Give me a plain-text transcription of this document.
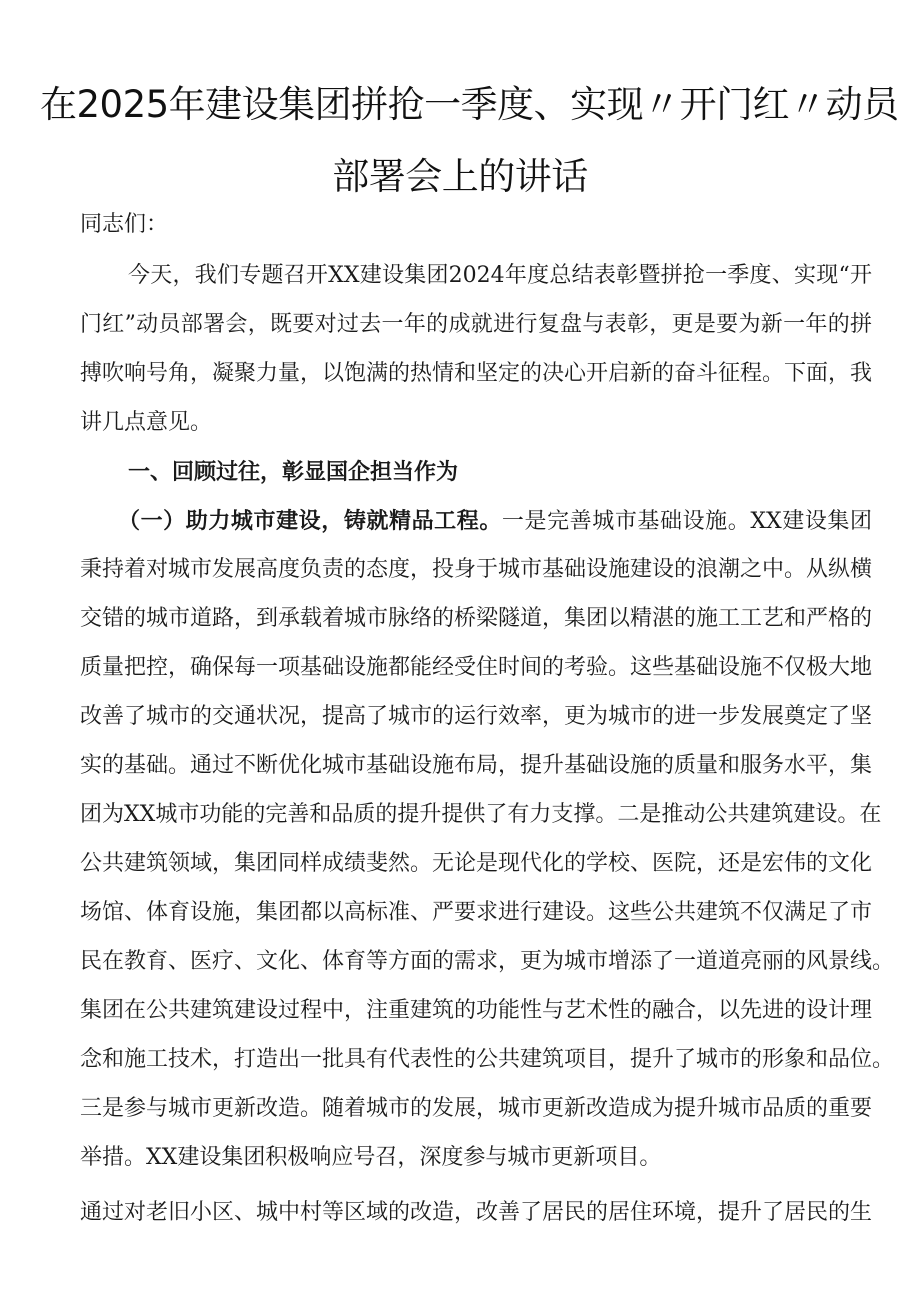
在2025年建设集团拼抢一季度、实现〃开门红〃动员
部署会上的讲话
同志们：
今天，我们专题召开XX建设集团2024年度总结表彰暨拼抢一季度、实现“开
门红”动员部署会，既要对过去一年的成就进行复盘与表彰，更是要为新一年的拼
搏吹响号角，凝聚力量，以饱满的热情和坚定的决心开启新的奋斗征程。下面，我
讲几点意见。
一、回顾过往，彰显国企担当作为
（一）助力城市建设，铸就精品工程。一是完善城市基础设施。XX建设集团
秉持着对城市发展高度负责的态度，投身于城市基础设施建设的浪潮之中。从纵横
交错的城市道路，到承载着城市脉络的桥梁隧道，集团以精湛的施工工艺和严格的
质量把控，确保每一项基础设施都能经受住时间的考验。这些基础设施不仅极大地
改善了城市的交通状况，提高了城市的运行效率，更为城市的进一步发展奠定了坚
实的基础。通过不断优化城市基础设施布局，提升基础设施的质量和服务水平，集
团为XX城市功能的完善和品质的提升提供了有力支撑。二是推动公共建筑建设。在
公共建筑领域，集团同样成绩斐然。无论是现代化的学校、医院，还是宏伟的文化
场馆、体育设施，集团都以高标准、严要求进行建设。这些公共建筑不仅满足了市
民在教育、医疗、文化、体育等方面的需求，更为城市增添了一道道亮丽的风景线。
集团在公共建筑建设过程中，注重建筑的功能性与艺术性的融合，以先进的设计理
念和施工技术，打造出一批具有代表性的公共建筑项目，提升了城市的形象和品位。
三是参与城市更新改造。随着城市的发展，城市更新改造成为提升城市品质的重要
举措。XX建设集团积极响应号召，深度参与城市更新项目。
通过对老旧小区、城中村等区域的改造，改善了居民的居住环境，提升了居民的生
